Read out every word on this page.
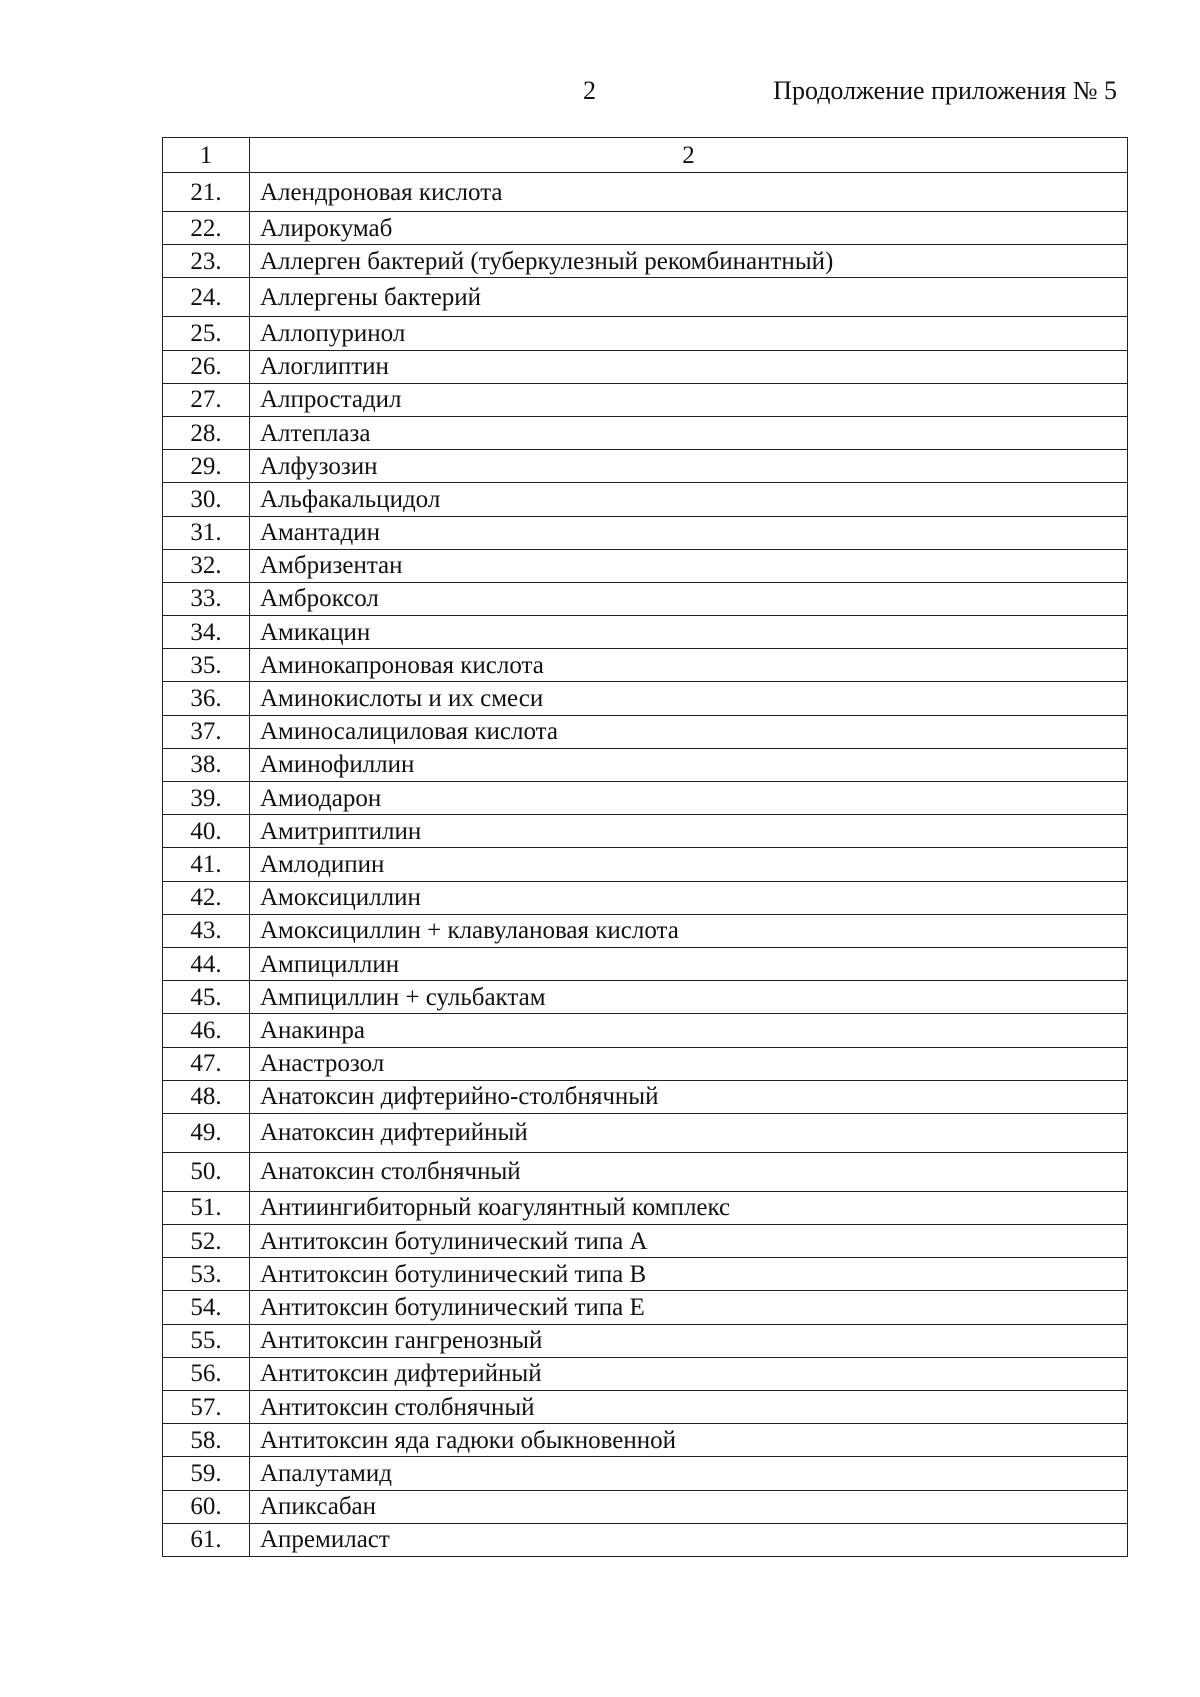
2	Продолжение приложения № 5
1	2
21.	Алендроновая кислота
22.	Алирокумаб
23.	Аллерген бактерий (туберкулезный рекомбинантный)
24.	Аллергены бактерий
25.	Аллопуринол
26.	Алоглиптин
27.	Алпростадил
28.	Алтеплаза
29.	Алфузозин
30.	Альфакальцидол
31.	Амантадин
32.	Амбризентан
33.	Амброксол
34.	Амикацин
35.	Аминокапроновая кислота
36.	Аминокислоты и их смеси
37.	Аминосалициловая кислота
38.	Аминофиллин
39.	Амиодарон
40.	Амитриптилин
41.	Амлодипин
42.	Амоксициллин
43.	Амоксициллин + клавулановая кислота
44.	Ампициллин
45.	Ампициллин + сульбактам
46.	Анакинра
47.	Анастрозол
48.	Анатоксин дифтерийно-столбнячный
49.	Анатоксин дифтерийный
50.	Анатоксин столбнячный
51.	Антиингибиторный коагулянтный комплекс
52.	Антитоксин ботулинический типа А
53.	Антитоксин ботулинический типа В
54.	Антитоксин ботулинический типа Е
55.	Антитоксин гангренозный
56.	Антитоксин дифтерийный
57.	Антитоксин столбнячный
58.	Антитоксин яда гадюки обыкновенной
59.	Апалутамид
60.	Апиксабан
61.	Апремиласт
